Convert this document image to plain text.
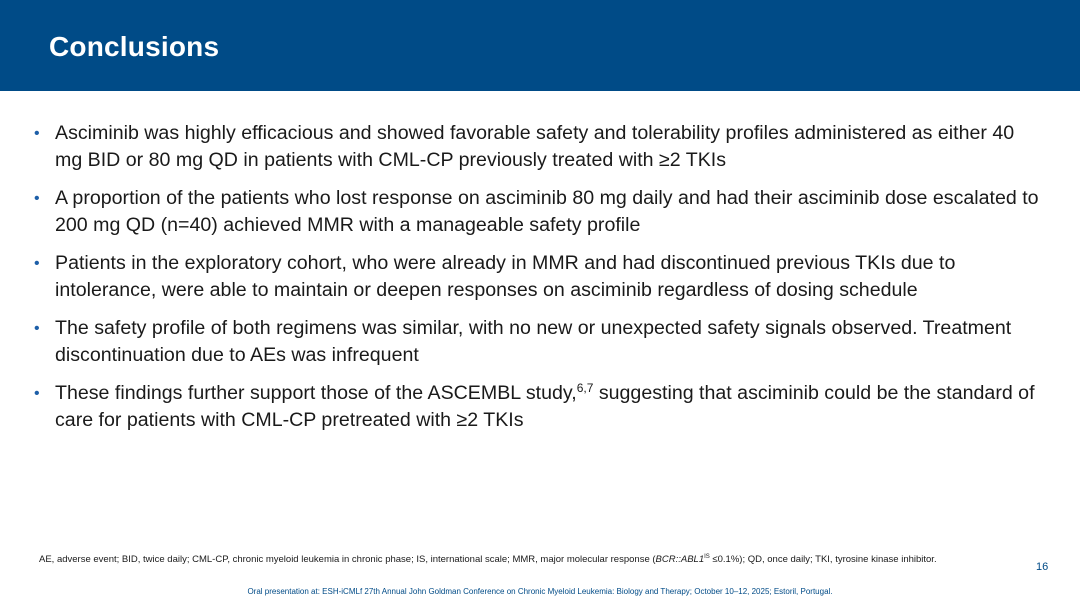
Conclusions
• Asciminib was highly efficacious and showed favorable safety and tolerability profiles administered as either 40 mg BID or 80 mg QD in patients with CML-CP previously treated with ≥2 TKIs
• A proportion of the patients who lost response on asciminib 80 mg daily and had their asciminib dose escalated to 200 mg QD (n=40) achieved MMR with a manageable safety profile
• Patients in the exploratory cohort, who were already in MMR and had discontinued previous TKIs due to intolerance, were able to maintain or deepen responses on asciminib regardless of dosing schedule
• The safety profile of both regimens was similar, with no new or unexpected safety signals observed. Treatment discontinuation due to AEs was infrequent
• These findings further support those of the ASCEMBL study,$^{6,7}$ suggesting that asciminib could be the standard of care for patients with CML-CP pretreated with ≥2 TKIs
AE, adverse event; BID, twice daily; CML-CP, chronic myeloid leukemia in chronic phase; IS, international scale; MMR, major molecular response $(BCR::ABL1^{IS} \le 0.1\%)$; QD, once daily; TKI, tyrosine kinase inhibitor.
16
Oral presentation at: ESH-iCMLf 27th Annual John Goldman Conference on Chronic Myeloid Leukemia: Biology and Therapy; October 10–12, 2025; Estoril, Portugal.
